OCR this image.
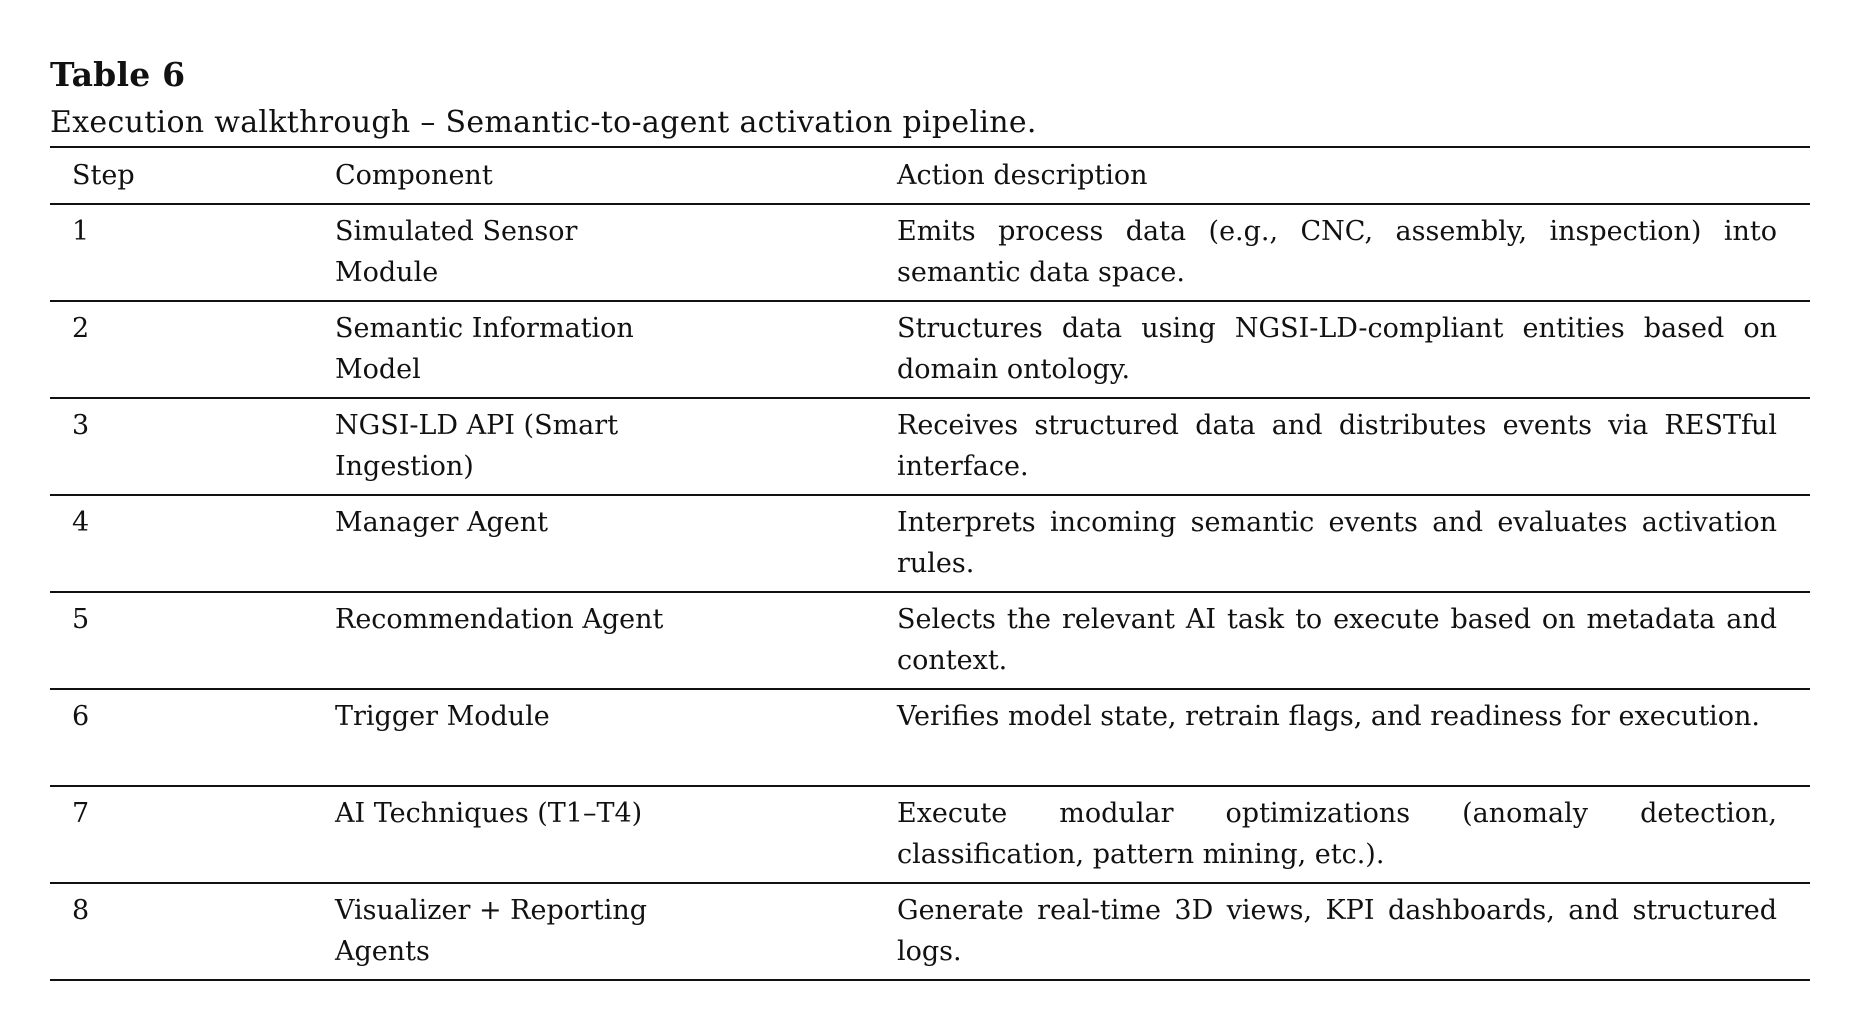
Table 6
Execution walkthrough – Semantic-to-agent activation pipeline.
Step	Component	Action description

1	Simulated Sensor Module	Emits process data (e.g., CNC, assembly, inspection) into semantic data space.

2	Semantic Information Model	Structures data using NGSI-LD-compliant entities based on domain ontology.

3	NGSI-LD API (Smart Ingestion)	Receives structured data and distributes events via RESTful interface.

4	Manager Agent	Interprets incoming semantic events and evaluates activation rules.

5	Recommendation Agent	Selects the relevant AI task to execute based on metadata and context.

6	Trigger Module	Verifies model state, retrain flags, and readiness for execution.

7	AI Techniques (T1–T4)	Execute modular optimizations (anomaly detection, classification, pattern mining, etc.).

8	Visualizer + Reporting Agents	Generate real-time 3D views, KPI dashboards, and structured logs.
